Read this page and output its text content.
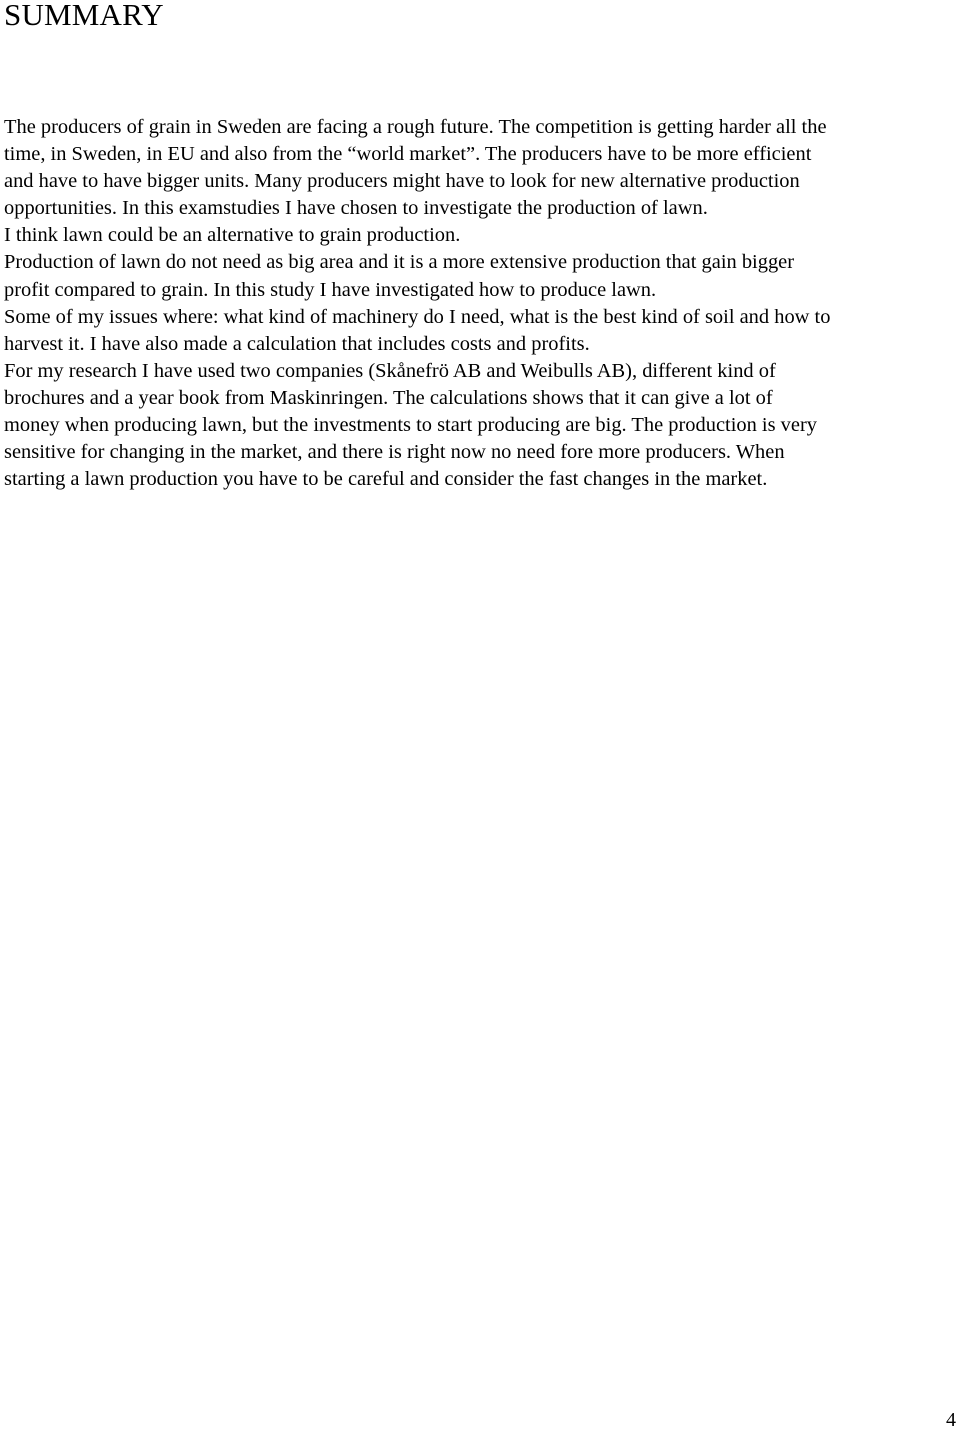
SUMMARY
The producers of grain in Sweden are facing a rough future. The competition is getting harder all the
time, in Sweden, in EU and also from the “world market”. The producers have to be more efficient
and have to have bigger units. Many producers might have to look for new alternative production
opportunities. In this examstudies I have chosen to investigate the production of lawn.
I think lawn could be an alternative to grain production.
Production of lawn do not need as big area and it is a more extensive production that gain bigger
profit compared to grain. In this study I have investigated how to produce lawn.
Some of my issues where: what kind of machinery do I need, what is the best kind of soil and how to
harvest it. I have also made a calculation that includes costs and profits.
For my research I have used two companies (Skånefrö AB and Weibulls AB), different kind of
brochures and a year book from Maskinringen. The calculations shows that it can give a lot of
money when producing lawn, but the investments to start producing are big. The production is very
sensitive for changing in the market, and there is right now no need fore more producers. When
starting a lawn production you have to be careful and consider the fast changes in the market.
4
